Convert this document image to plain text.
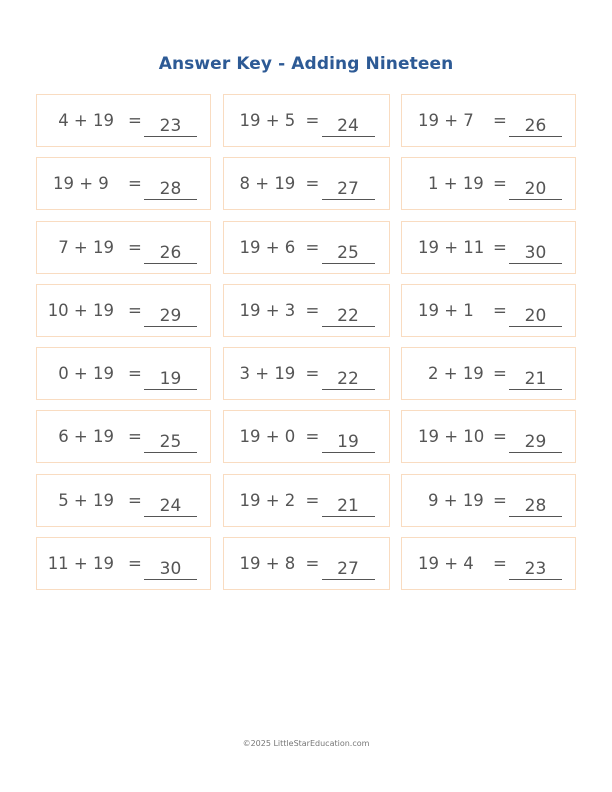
Answer Key - Adding Nineteen
4 + 19 =	23	19 + 5 =	24	19 + 7 =	26
19 + 9 =	28	8 + 19 =	27	1 + 19 =	20
7 + 19 =	26	19 + 6 =	25	19 + 11 =	30
10 + 19 =	29	19 + 3 =	22	19 + 1 =	20
0 + 19 =	19	3 + 19 =	22	2 + 19 =	21
6 + 19 =	25	19 + 0 =	19	19 + 10 =	29
5 + 19 =	24	19 + 2 =	21	9 + 19 =	28
11 + 19 =	30	19 + 8 =	27	19 + 4 =	23
©2025 LittleStarEducation.com
